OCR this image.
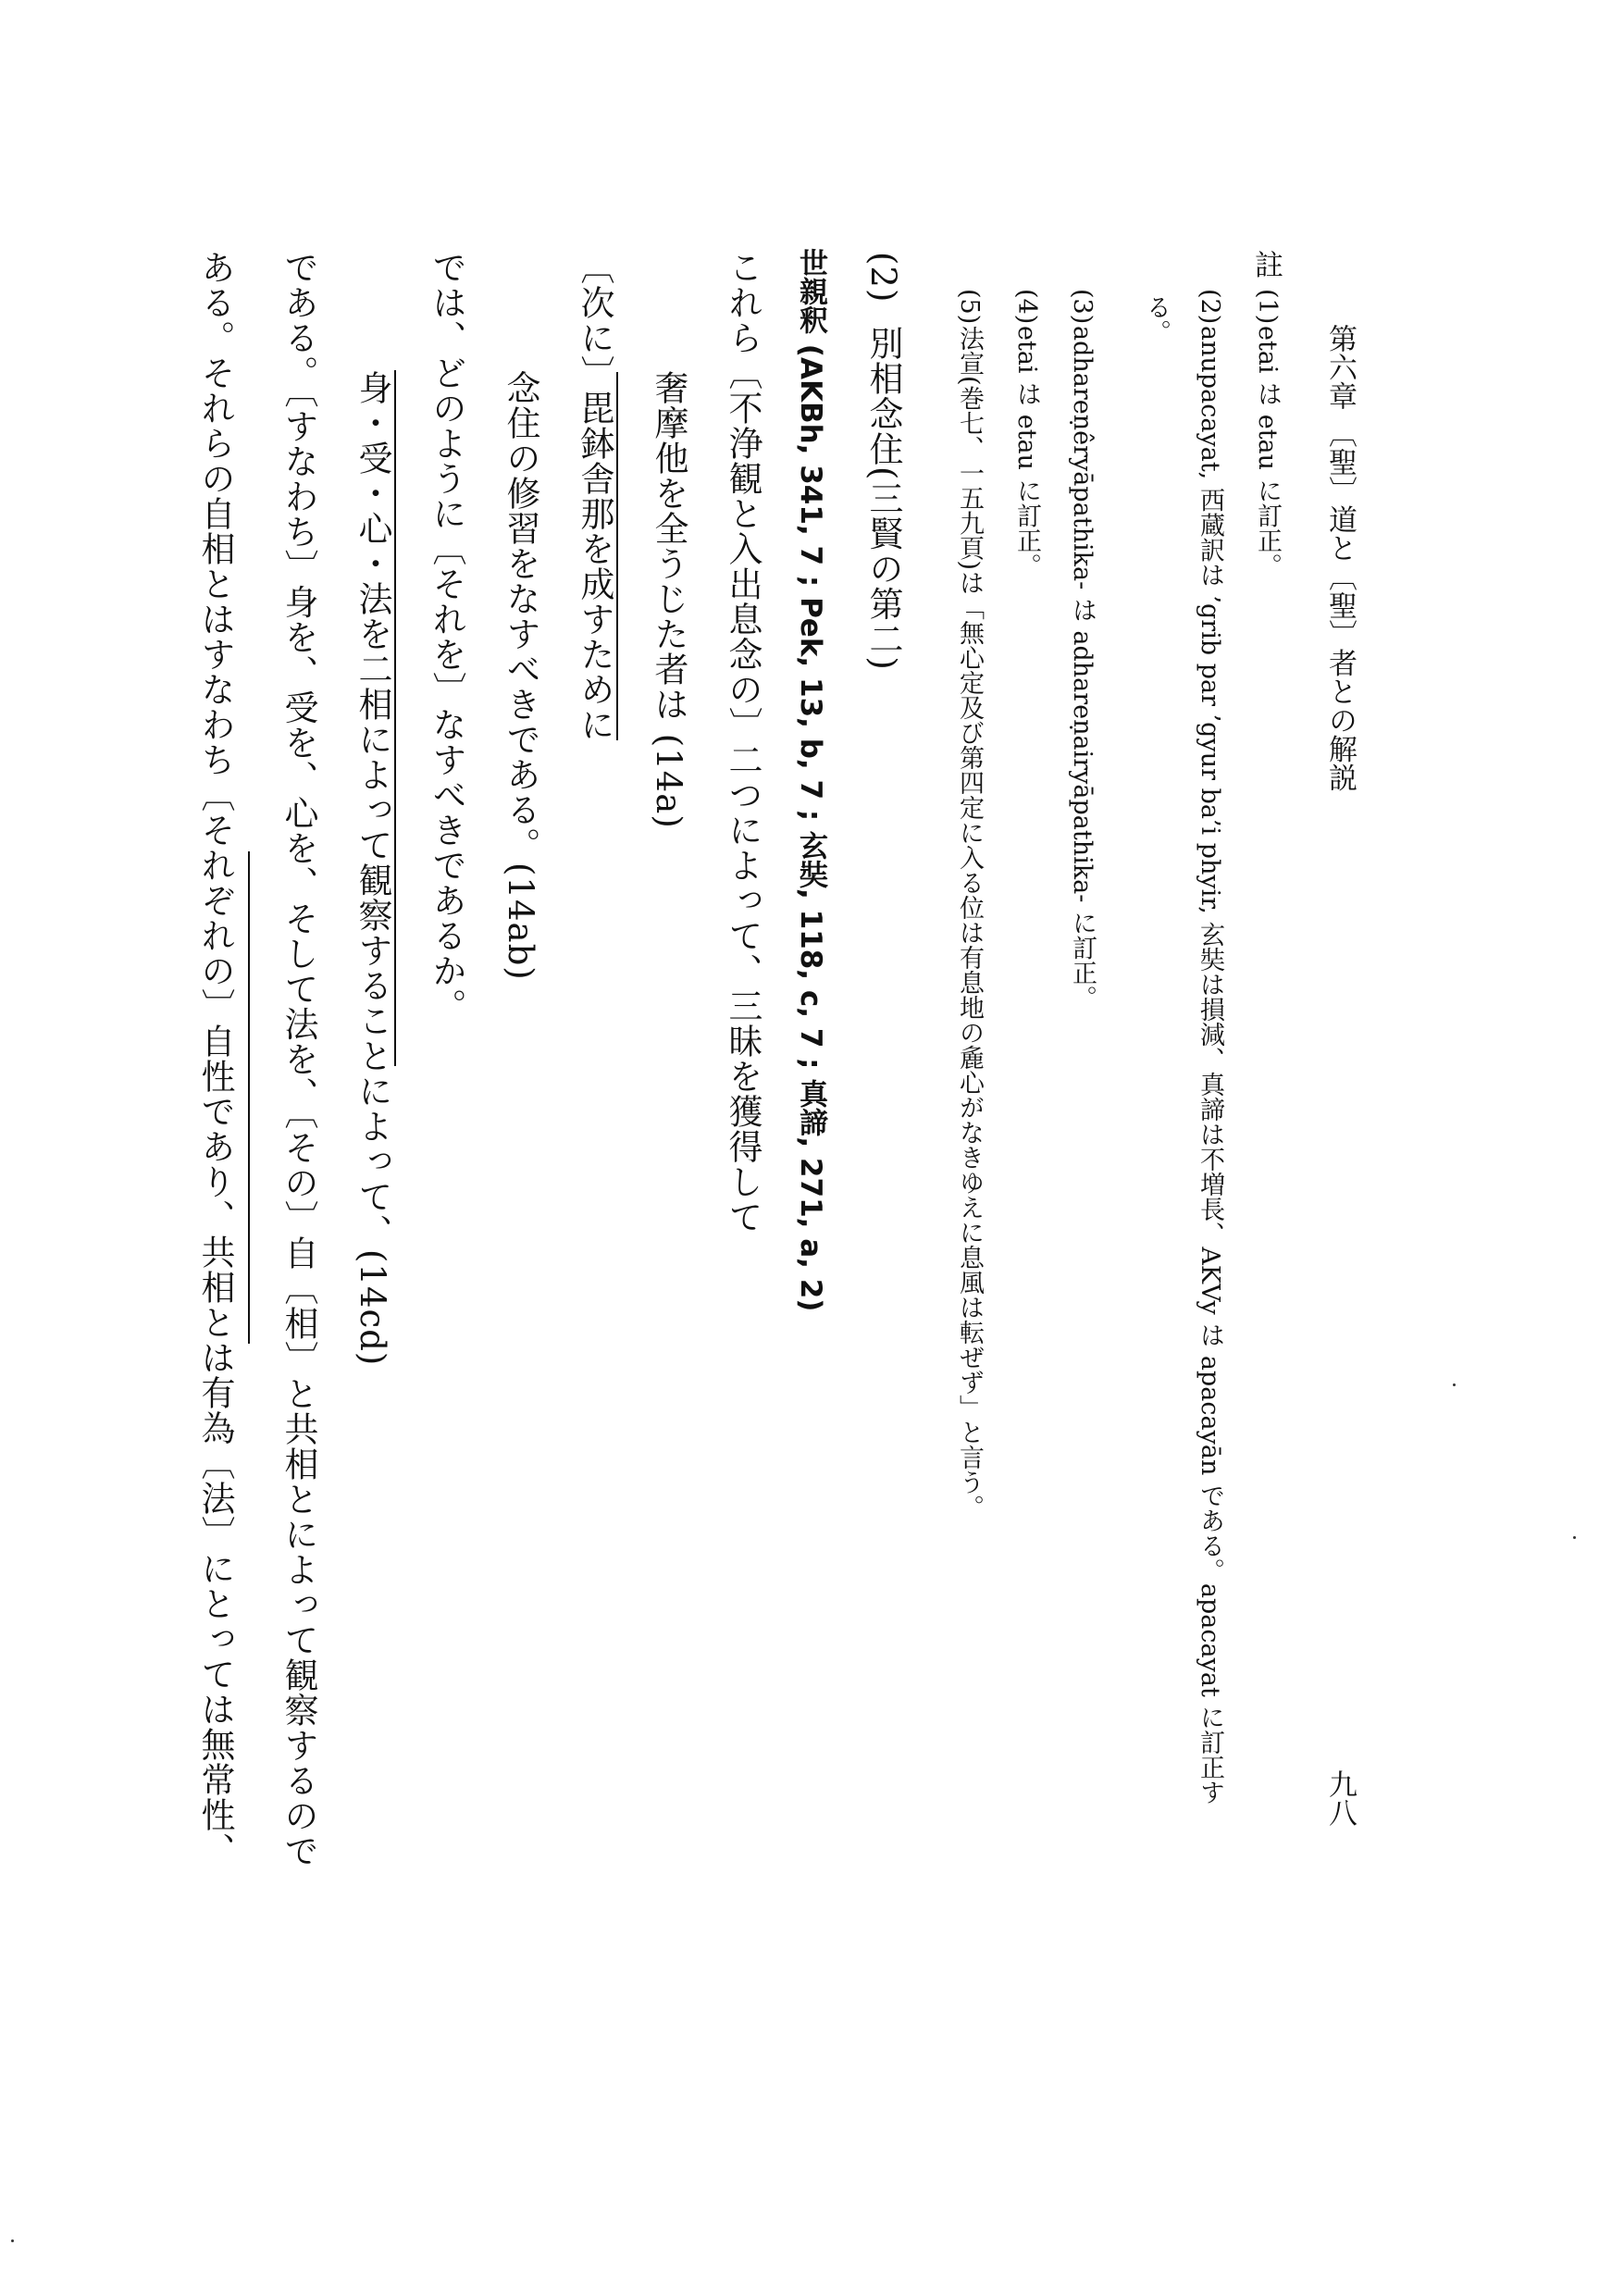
第六章 〔聖〕道と〔聖〕者との解説
九八
註
(1)
etai は etau に訂正。
(2)
anupacayat, 西蔵訳は ’grib par ’gyur ba’i phyir, 玄奘は損減、真諦は不増長、AKVy は apacayān である。apacayat に訂正す
る。
(3)
adhareṇêryāpathika- は adhareṇairyāpathika- に訂正。
(4)
etai は etau に訂正。
(5)
法宣(巻七、一五九頁)は「無心定及び第四定に入る位は有息地の麁心がなきゆえに息風は転ぜず」と言う。
(2)
別相念住(三賢の第二)
世親釈 (AKBh, 341, 7 ; Pek, 13, b, 7 ; 玄奘, 118, c, 7 ; 真諦, 271, a, 2)
これら〔不浄観と入出息念の〕二つによって、三昧を獲得して
奢摩他を全うじた者は (14a)
〔次に〕毘鉢舎那を成すために
念住の修習をなすべきである。(14ab)
では、どのように〔それを〕なすべきであるか。
身・受・心・法を二相によって観察することによって、(14cd)
である。〔すなわち〕身を、受を、心を、そして法を、〔その〕自〔相〕と共相とによって観察するので
ある。それらの自相とはすなわち〔それぞれの〕自性であり、共相とは有為〔法〕にとっては無常性、
